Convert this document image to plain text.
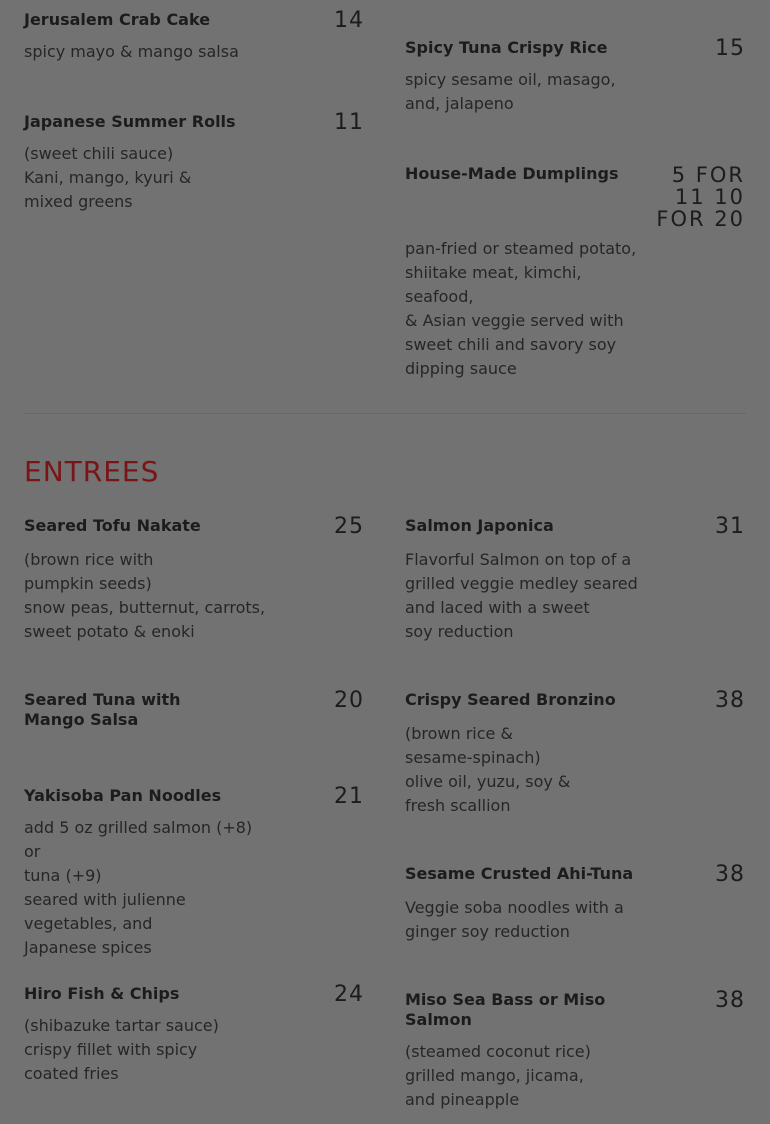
Jerusalem Crab Cake	14

spicy mayo & mango salsa

Japanese Summer Rolls	11

(sweet chili sauce)
Kani, mango, kyuri &
mixed greens

Spicy Tuna Crispy Rice	15

spicy sesame oil, masago,
and, jalapeno

House-Made Dumplings	5 FOR 11 10 FOR 20

pan-fried or steamed potato,
shiitake meat, kimchi, seafood,
& Asian veggie served with
sweet chili and savory soy
dipping sauce

ENTREES

Seared Tofu Nakate	25

(brown rice with
pumpkin seeds)
snow peas, butternut, carrots,
sweet potato & enoki

Seared Tuna with Mango Salsa

20

Yakisoba Pan Noodles	21

add 5 oz grilled salmon (+8) or
tuna (+9)
seared with julienne
vegetables, and
Japanese spices

Hiro Fish & Chips	24

(shibazuke tartar sauce)
crispy fillet with spicy
coated fries

Salmon Japonica	31

Flavorful Salmon on top of a
grilled veggie medley seared
and laced with a sweet
soy reduction

Crispy Seared Bronzino	38

(brown rice &
sesame-spinach)
olive oil, yuzu, soy &
fresh scallion

Sesame Crusted Ahi-Tuna	38

Veggie soba noodles with a
ginger soy reduction

Miso Sea Bass or Miso Salmon

38

(steamed coconut rice)
grilled mango, jicama,
and pineapple
